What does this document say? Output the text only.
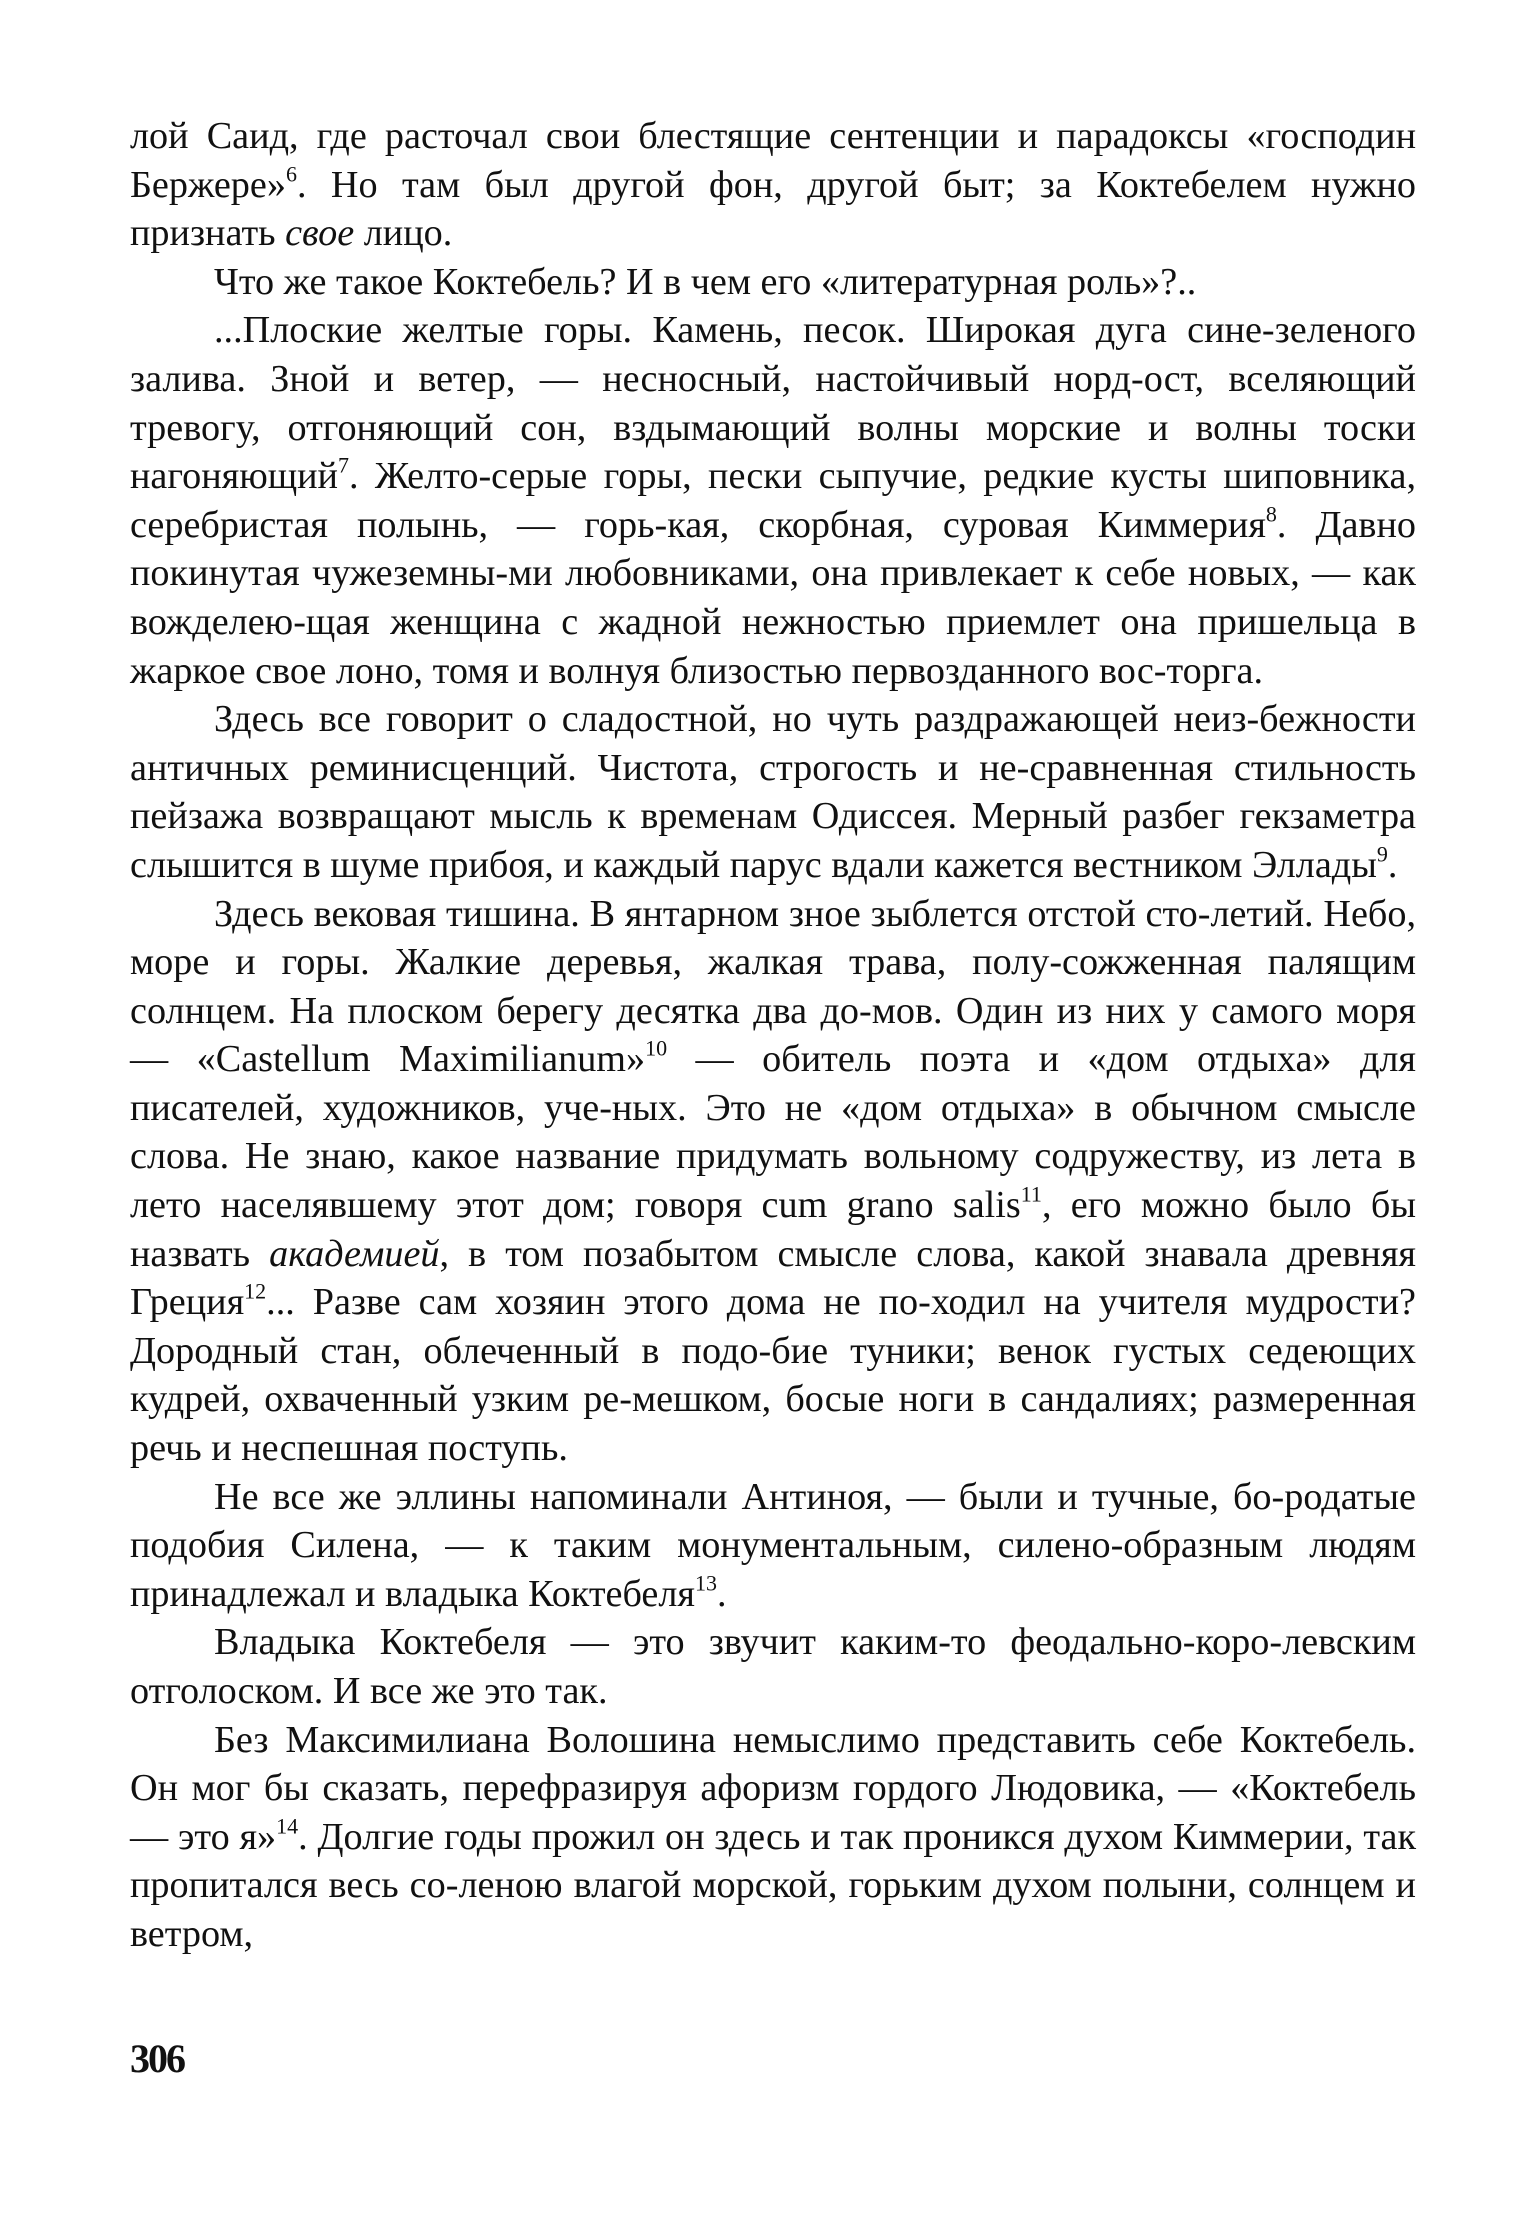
лой Саид, где расточал свои блестящие сентенции и парадоксы «господин Бержере»$^6$. Но там был другой фон, другой быт; за Коктебелем нужно признать свое лицо.

Что же такое Коктебель? И в чем его «литературная роль»?..

...Плоские желтые горы. Камень, песок. Широкая дуга сине-зеленого залива. Зной и ветер, — несносный, настойчивый норд-ост, вселяющий тревогу, отгоняющий сон, вздымающий волны морские и волны тоски нагоняющий$^7$. Желто-серые горы, пески сыпучие, редкие кусты шиповника, серебристая полынь, — горь-кая, скорбная, суровая Киммерия$^8$. Давно покинутая чужеземны-ми любовниками, она привлекает к себе новых, — как вожделею-щая женщина с жадной нежностью приемлет она пришельца в жаркое свое лоно, томя и волнуя близостью первозданного вос-торга.

Здесь все говорит о сладостной, но чуть раздражающей неиз-бежности античных реминисценций. Чистота, строгость и не-сравненная стильность пейзажа возвращают мысль к временам Одиссея. Мерный разбег гекзаметра слышится в шуме прибоя, и каждый парус вдали кажется вестником Эллады$^9$.

Здесь вековая тишина. В янтарном зное зыблется отстой сто-летий. Небо, море и горы. Жалкие деревья, жалкая трава, полу-сожженная палящим солнцем. На плоском берегу десятка два до-мов. Один из них у самого моря — «Castellum Maximilianum»$^{10}$ — обитель поэта и «дом отдыха» для писателей, художников, уче-ных. Это не «дом отдыха» в обычном смысле слова. Не знаю, какое название придумать вольному содружеству, из лета в лето населявшему этот дом; говоря cum grano salis$^{11}$, его можно было бы назвать академией, в том позабытом смысле слова, какой знавала древняя Греция$^{12}$... Разве сам хозяин этого дома не по-ходил на учителя мудрости? Дородный стан, облеченный в подо-бие туники; венок густых седеющих кудрей, охваченный узким ре-мешком, босые ноги в сандалиях; размеренная речь и неспешная поступь.

Не все же эллины напоминали Антиноя, — были и тучные, бо-родатые подобия Силена, — к таким монументальным, силено-образным людям принадлежал и владыка Коктебеля$^{13}$.

Владыка Коктебеля — это звучит каким-то феодально-коро-левским отголоском. И все же это так.

Без Максимилиана Волошина немыслимо представить себе Коктебель. Он мог бы сказать, перефразируя афоризм гордого Людовика, — «Коктебель — это я»$^{14}$. Долгие годы прожил он здесь и так проникся духом Киммерии, так пропитался весь со-леною влагой морской, горьким духом полыни, солнцем и ветром,

306
